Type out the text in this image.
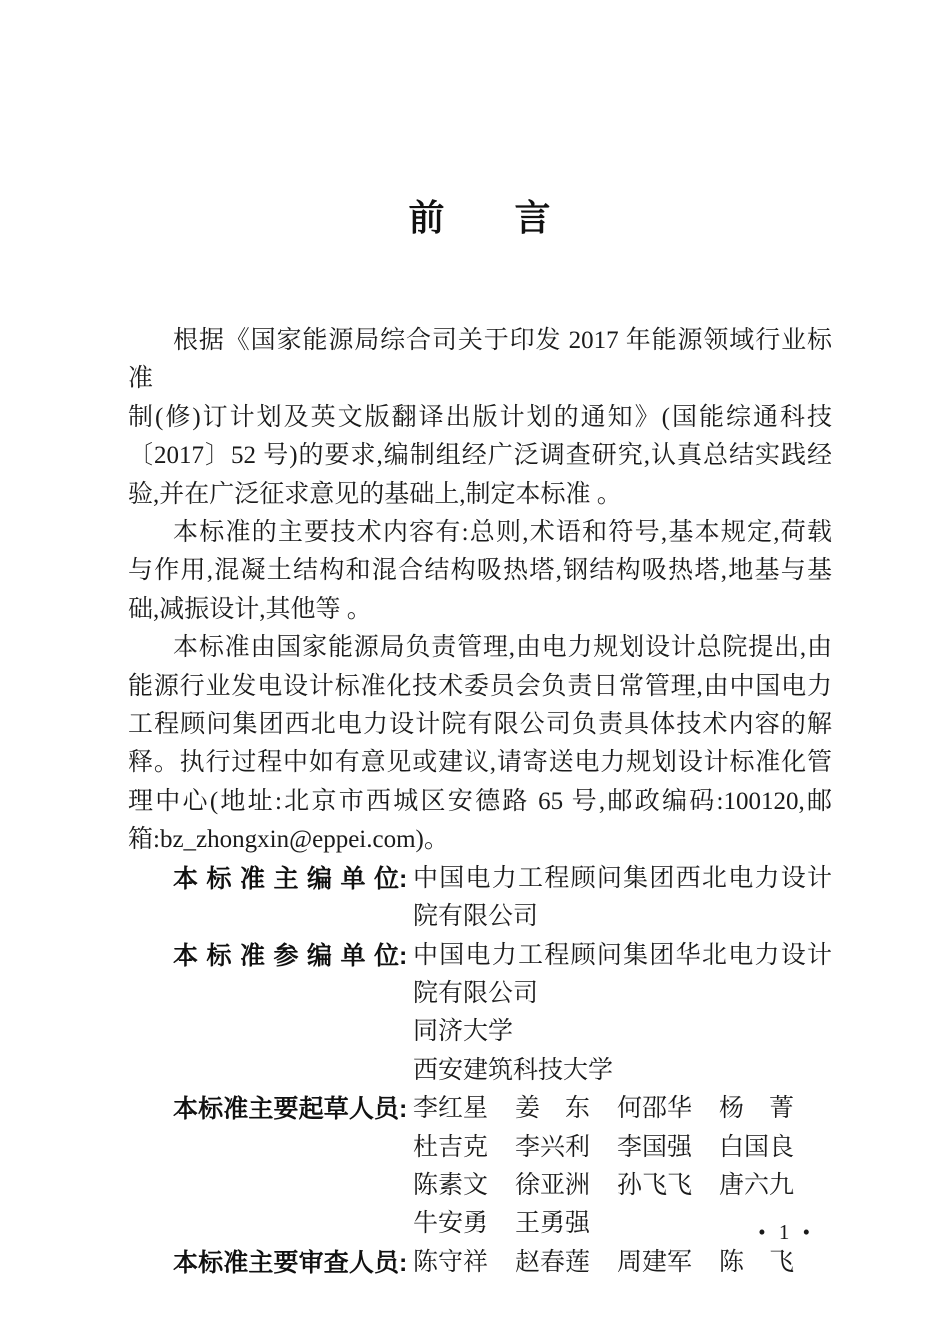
前 言
根据《国家能源局综合司关于印发 2017 年能源领域行业标准
制(修)订计划及英文版翻译出版计划的通知》(国能综通科技
〔2017〕52 号)的要求,编制组经广泛调查研究,认真总结实践经
验,并在广泛征求意见的基础上,制定本标准 。
本标准的主要技术内容有:总则,术语和符号,基本规定,荷载
与作用,混凝土结构和混合结构吸热塔,钢结构吸热塔,地基与基
础,减振设计,其他等 。
本标准由国家能源局负责管理,由电力规划设计总院提出,由
能源行业发电设计标准化技术委员会负责日常管理,由中国电力
工程顾问集团西北电力设计院有限公司负责具体技术内容的解
释。执行过程中如有意见或建议,请寄送电力规划设计标准化管
理中心(地址:北京市西城区安德路 65 号,邮政编码:100120,邮
箱:bz_zhongxin@eppei.com)。
本标准主编单位: 中国电力工程顾问集团西北电力设计
院有限公司
本标准参编单位: 中国电力工程顾问集团华北电力设计
院有限公司
同济大学
西安建筑科技大学
本标准主要起草人员: 李红星 姜　东 何邵华 杨　菁
杜吉克 李兴利 李国强 白国良
陈素文 徐亚洲 孙飞飞 唐六九
牛安勇 王勇强
本标准主要审查人员: 陈守祥 赵春莲 周建军 陈　飞
• 1 •
